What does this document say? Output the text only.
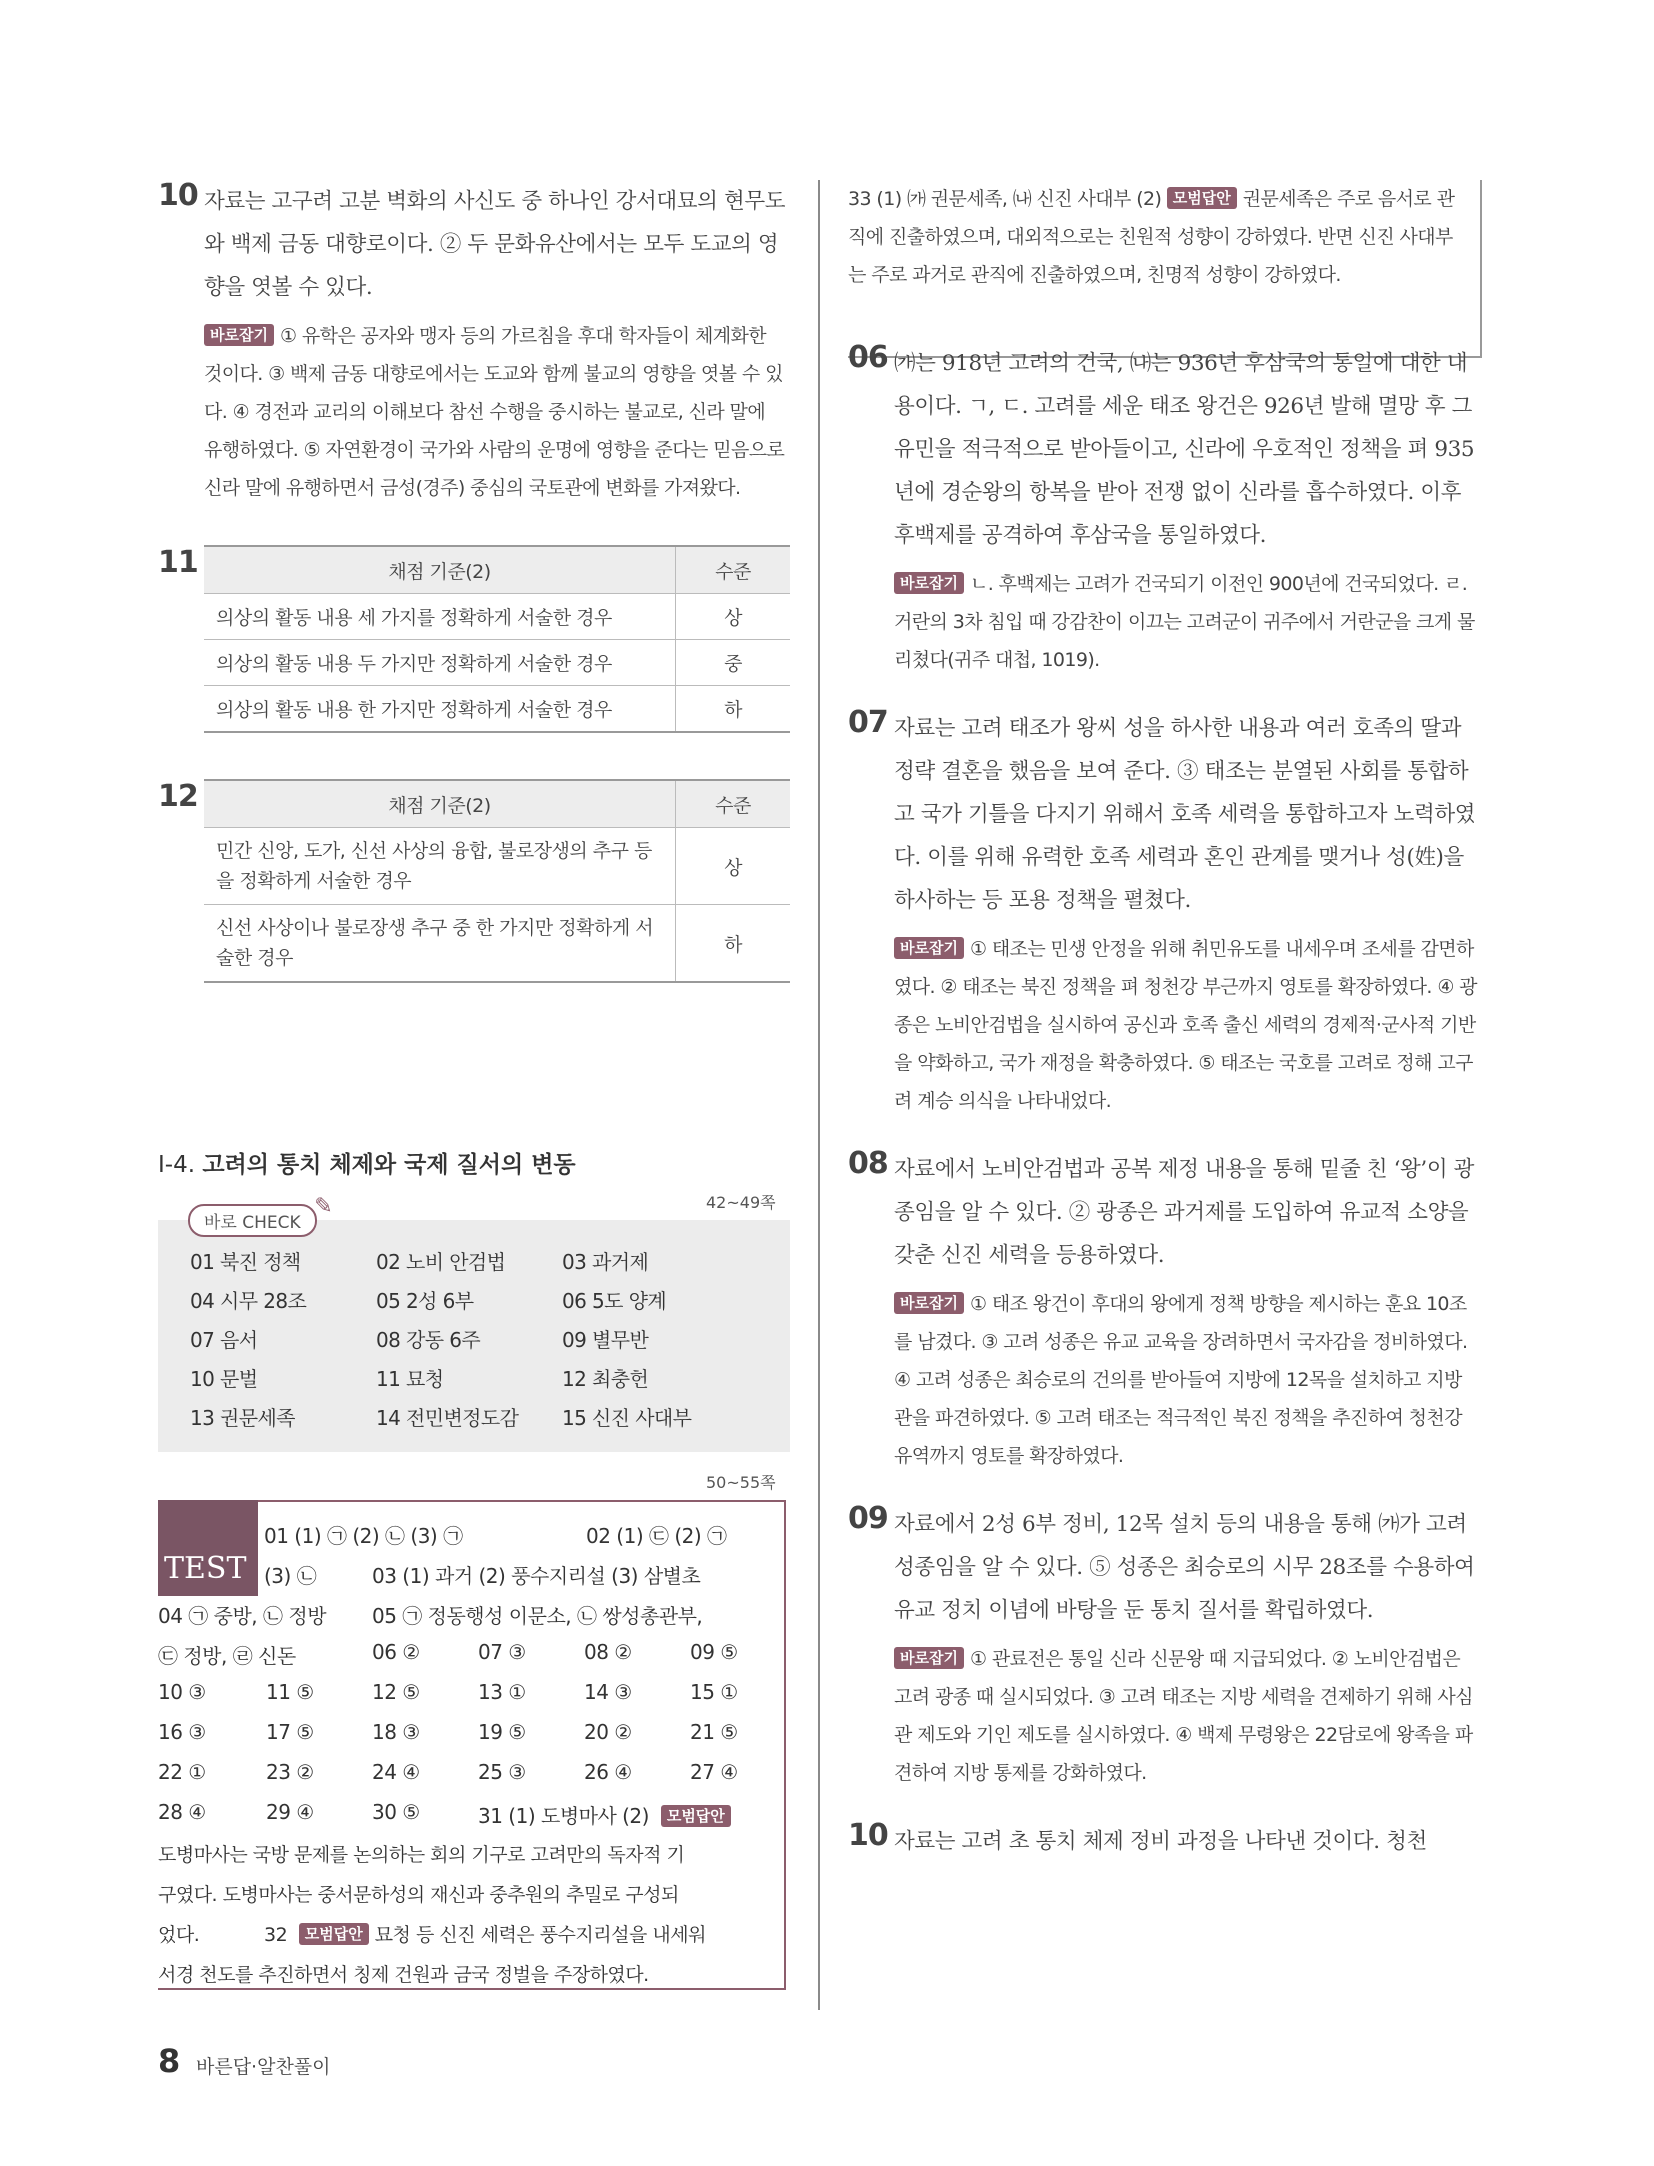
10 자료는 고구려 고분 벽화의 사신도 중 하나인 강서대묘의 현무도와 백제 금동 대향로이다. ② 두 문화유산에서는 모두 도교의 영향을 엿볼 수 있다.
바로잡기 ① 유학은 공자와 맹자 등의 가르침을 후대 학자들이 체계화한 것이다. ③ 백제 금동 대향로에서는 도교와 함께 불교의 영향을 엿볼 수 있다. ④ 경전과 교리의 이해보다 참선 수행을 중시하는 불교로, 신라 말에 유행하였다. ⑤ 자연환경이 국가와 사람의 운명에 영향을 준다는 믿음으로 신라 말에 유행하면서 금성(경주) 중심의 국토관에 변화를 가져왔다.
11	채점 기준(2)	수준
의상의 활동 내용 세 가지를 정확하게 서술한 경우	상
의상의 활동 내용 두 가지만 정확하게 서술한 경우	중
의상의 활동 내용 한 가지만 정확하게 서술한 경우	하
12	채점 기준(2)	수준
민간 신앙, 도가, 신선 사상의 융합, 불로장생의 추구 등을 정확하게 서술한 경우	상
신선 사상이나 불로장생 추구 중 한 가지만 정확하게 서술한 경우	하
Ⅰ-4. 고려의 통치 체제와 국제 질서의 변동
42~49쪽
바로 CHECK
✎
01 북진 정책	02 노비 안검법	03 과거제
04 시무 28조	05 2성 6부	06 5도 양계
07 음서	08 강동 6주	09 별무반
10 문벌	11 묘청	12 최충헌
13 권문세족	14 전민변정도감 15 신진 사대부
50~55쪽
TEST
01 (1) ㉠ (2) ㉡ (3) ㉠	02 (1) ㉢ (2) ㉠
(3) ㉡	03 (1) 과거 (2) 풍수지리설 (3) 삼별초
04 ㉠ 중방, ㉡ 정방 05 ㉠ 정동행성 이문소, ㉡ 쌍성총관부,
㉢ 정방, ㉣ 신돈	06 ②	07 ③	08 ②	09 ⑤
10 ③	11 ⑤	12 ⑤	13 ①	14 ③	15 ①
16 ③	17 ⑤	18 ③	19 ⑤	20 ②	21 ⑤
22 ①	23 ②	24 ④	25 ③	26 ④	27 ④
28 ④	29 ④	30 ⑤	31 (1) 도병마사 (2) 모범답안
도병마사는 국방 문제를 논의하는 회의 기구로 고려만의 독자적 기
구였다. 도병마사는 중서문하성의 재신과 중추원의 추밀로 구성되
었다.	32 모범답안 묘청 등 신진 세력은 풍수지리설을 내세워
서경 천도를 추진하면서 칭제 건원과 금국 정벌을 주장하였다.
33 (1) ㈎ 권문세족, ㈏ 신진 사대부 (2) 모범답안 권문세족은 주로 음서로 관직에 진출하였으며, 대외적으로는 친원적 성향이 강하였다. 반면 신진 사대부는 주로 과거로 관직에 진출하였으며, 친명적 성향이 강하였다.
06 ㈎는 918년 고려의 건국, ㈏는 936년 후삼국의 통일에 대한 내용이다. ㄱ, ㄷ. 고려를 세운 태조 왕건은 926년 발해 멸망 후 그 유민을 적극적으로 받아들이고, 신라에 우호적인 정책을 펴 935년에 경순왕의 항복을 받아 전쟁 없이 신라를 흡수하였다. 이후 후백제를 공격하여 후삼국을 통일하였다.
바로잡기 ㄴ. 후백제는 고려가 건국되기 이전인 900년에 건국되었다. ㄹ. 거란의 3차 침입 때 강감찬이 이끄는 고려군이 귀주에서 거란군을 크게 물리쳤다(귀주 대첩, 1019).
07 자료는 고려 태조가 왕씨 성을 하사한 내용과 여러 호족의 딸과 정략 결혼을 했음을 보여 준다. ③ 태조는 분열된 사회를 통합하고 국가 기틀을 다지기 위해서 호족 세력을 통합하고자 노력하였다. 이를 위해 유력한 호족 세력과 혼인 관계를 맺거나 성(姓)을 하사하는 등 포용 정책을 펼쳤다.
바로잡기 ① 태조는 민생 안정을 위해 취민유도를 내세우며 조세를 감면하였다. ② 태조는 북진 정책을 펴 청천강 부근까지 영토를 확장하였다. ④ 광종은 노비안검법을 실시하여 공신과 호족 출신 세력의 경제적·군사적 기반을 약화하고, 국가 재정을 확충하였다. ⑤ 태조는 국호를 고려로 정해 고구려 계승 의식을 나타내었다.
08 자료에서 노비안검법과 공복 제정 내용을 통해 밑줄 친 ‘왕’이 광종임을 알 수 있다. ② 광종은 과거제를 도입하여 유교적 소양을 갖춘 신진 세력을 등용하였다.
바로잡기 ① 태조 왕건이 후대의 왕에게 정책 방향을 제시하는 훈요 10조를 남겼다. ③ 고려 성종은 유교 교육을 장려하면서 국자감을 정비하였다. ④ 고려 성종은 최승로의 건의를 받아들여 지방에 12목을 설치하고 지방관을 파견하였다. ⑤ 고려 태조는 적극적인 북진 정책을 추진하여 청천강 유역까지 영토를 확장하였다.
09 자료에서 2성 6부 정비, 12목 설치 등의 내용을 통해 ㈎가 고려 성종임을 알 수 있다. ⑤ 성종은 최승로의 시무 28조를 수용하여 유교 정치 이념에 바탕을 둔 통치 질서를 확립하였다.
바로잡기 ① 관료전은 통일 신라 신문왕 때 지급되었다. ② 노비안검법은 고려 광종 때 실시되었다. ③ 고려 태조는 지방 세력을 견제하기 위해 사심관 제도와 기인 제도를 실시하였다. ④ 백제 무령왕은 22담로에 왕족을 파견하여 지방 통제를 강화하였다.
10 자료는 고려 초 통치 체제 정비 과정을 나타낸 것이다. 청천
8 바른답·알찬풀이
